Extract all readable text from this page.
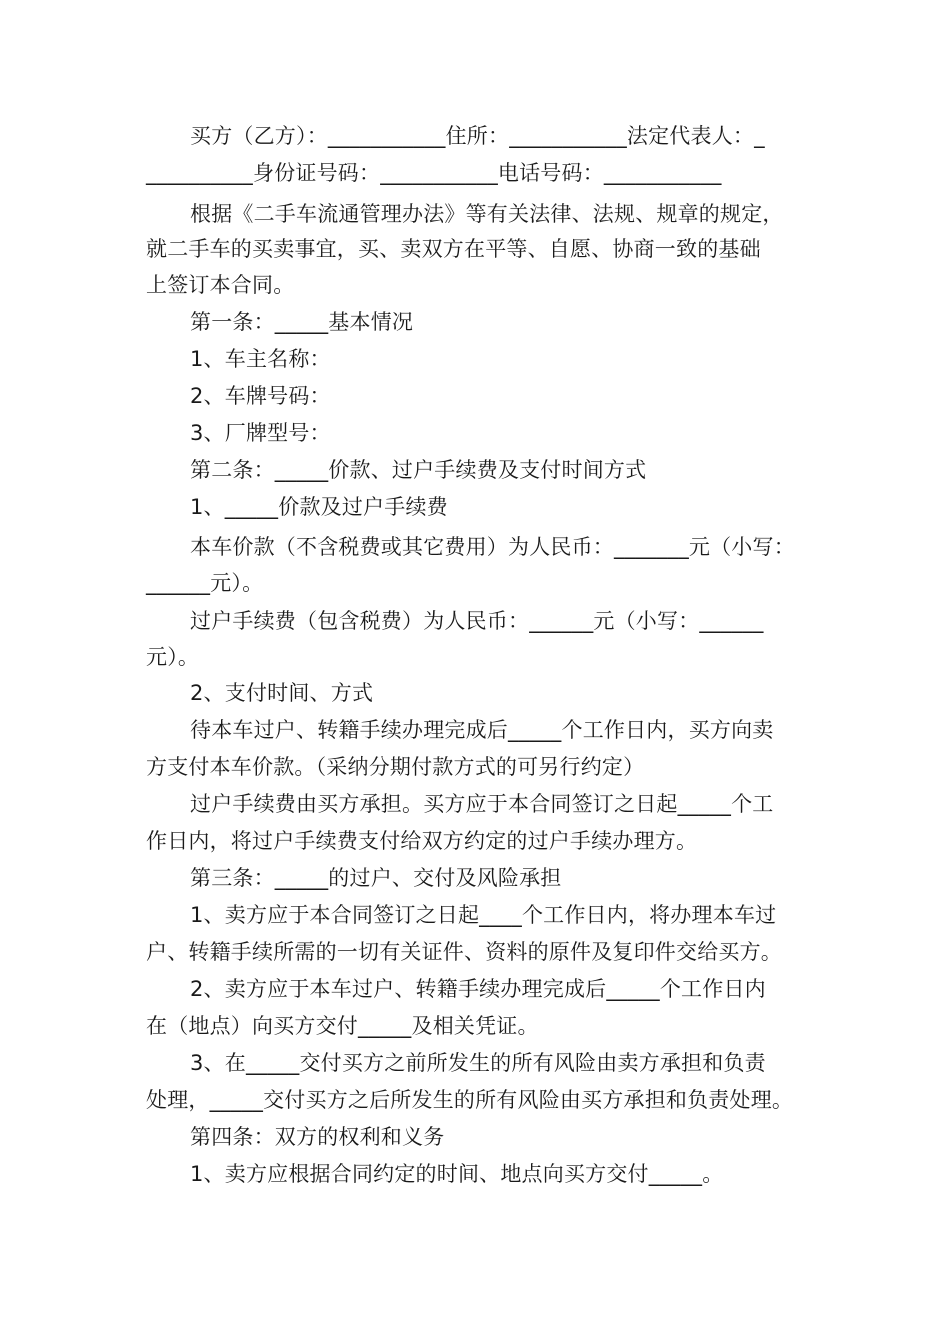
买方（乙方）：___________住所：___________法定代表人：_
__________身份证号码：___________电话号码：___________
根据《二手车流通管理办法》等有关法律、法规、规章的规定，
就二手车的买卖事宜，买、卖双方在平等、自愿、协商一致的基础
上签订本合同。
第一条：_____基本情况
1、车主名称：
2、车牌号码：
3、厂牌型号：
第二条：_____价款、过户手续费及支付时间方式
1、_____价款及过户手续费
本车价款（不含税费或其它费用）为人民币：_______元（小写：
______元）。
过户手续费（包含税费）为人民币：______元（小写：______
元）。
2、支付时间、方式
待本车过户、转籍手续办理完成后_____个工作日内，买方向卖
方支付本车价款。（采纳分期付款方式的可另行约定）
过户手续费由买方承担。买方应于本合同签订之日起_____个工
作日内，将过户手续费支付给双方约定的过户手续办理方。
第三条：_____的过户、交付及风险承担
1、卖方应于本合同签订之日起____个工作日内，将办理本车过
户、转籍手续所需的一切有关证件、资料的原件及复印件交给买方。
2、卖方应于本车过户、转籍手续办理完成后_____个工作日内
在（地点）向买方交付_____及相关凭证。
3、在_____交付买方之前所发生的所有风险由卖方承担和负责
处理，_____交付买方之后所发生的所有风险由买方承担和负责处理。
第四条：双方的权利和义务
1、卖方应根据合同约定的时间、地点向买方交付_____。
